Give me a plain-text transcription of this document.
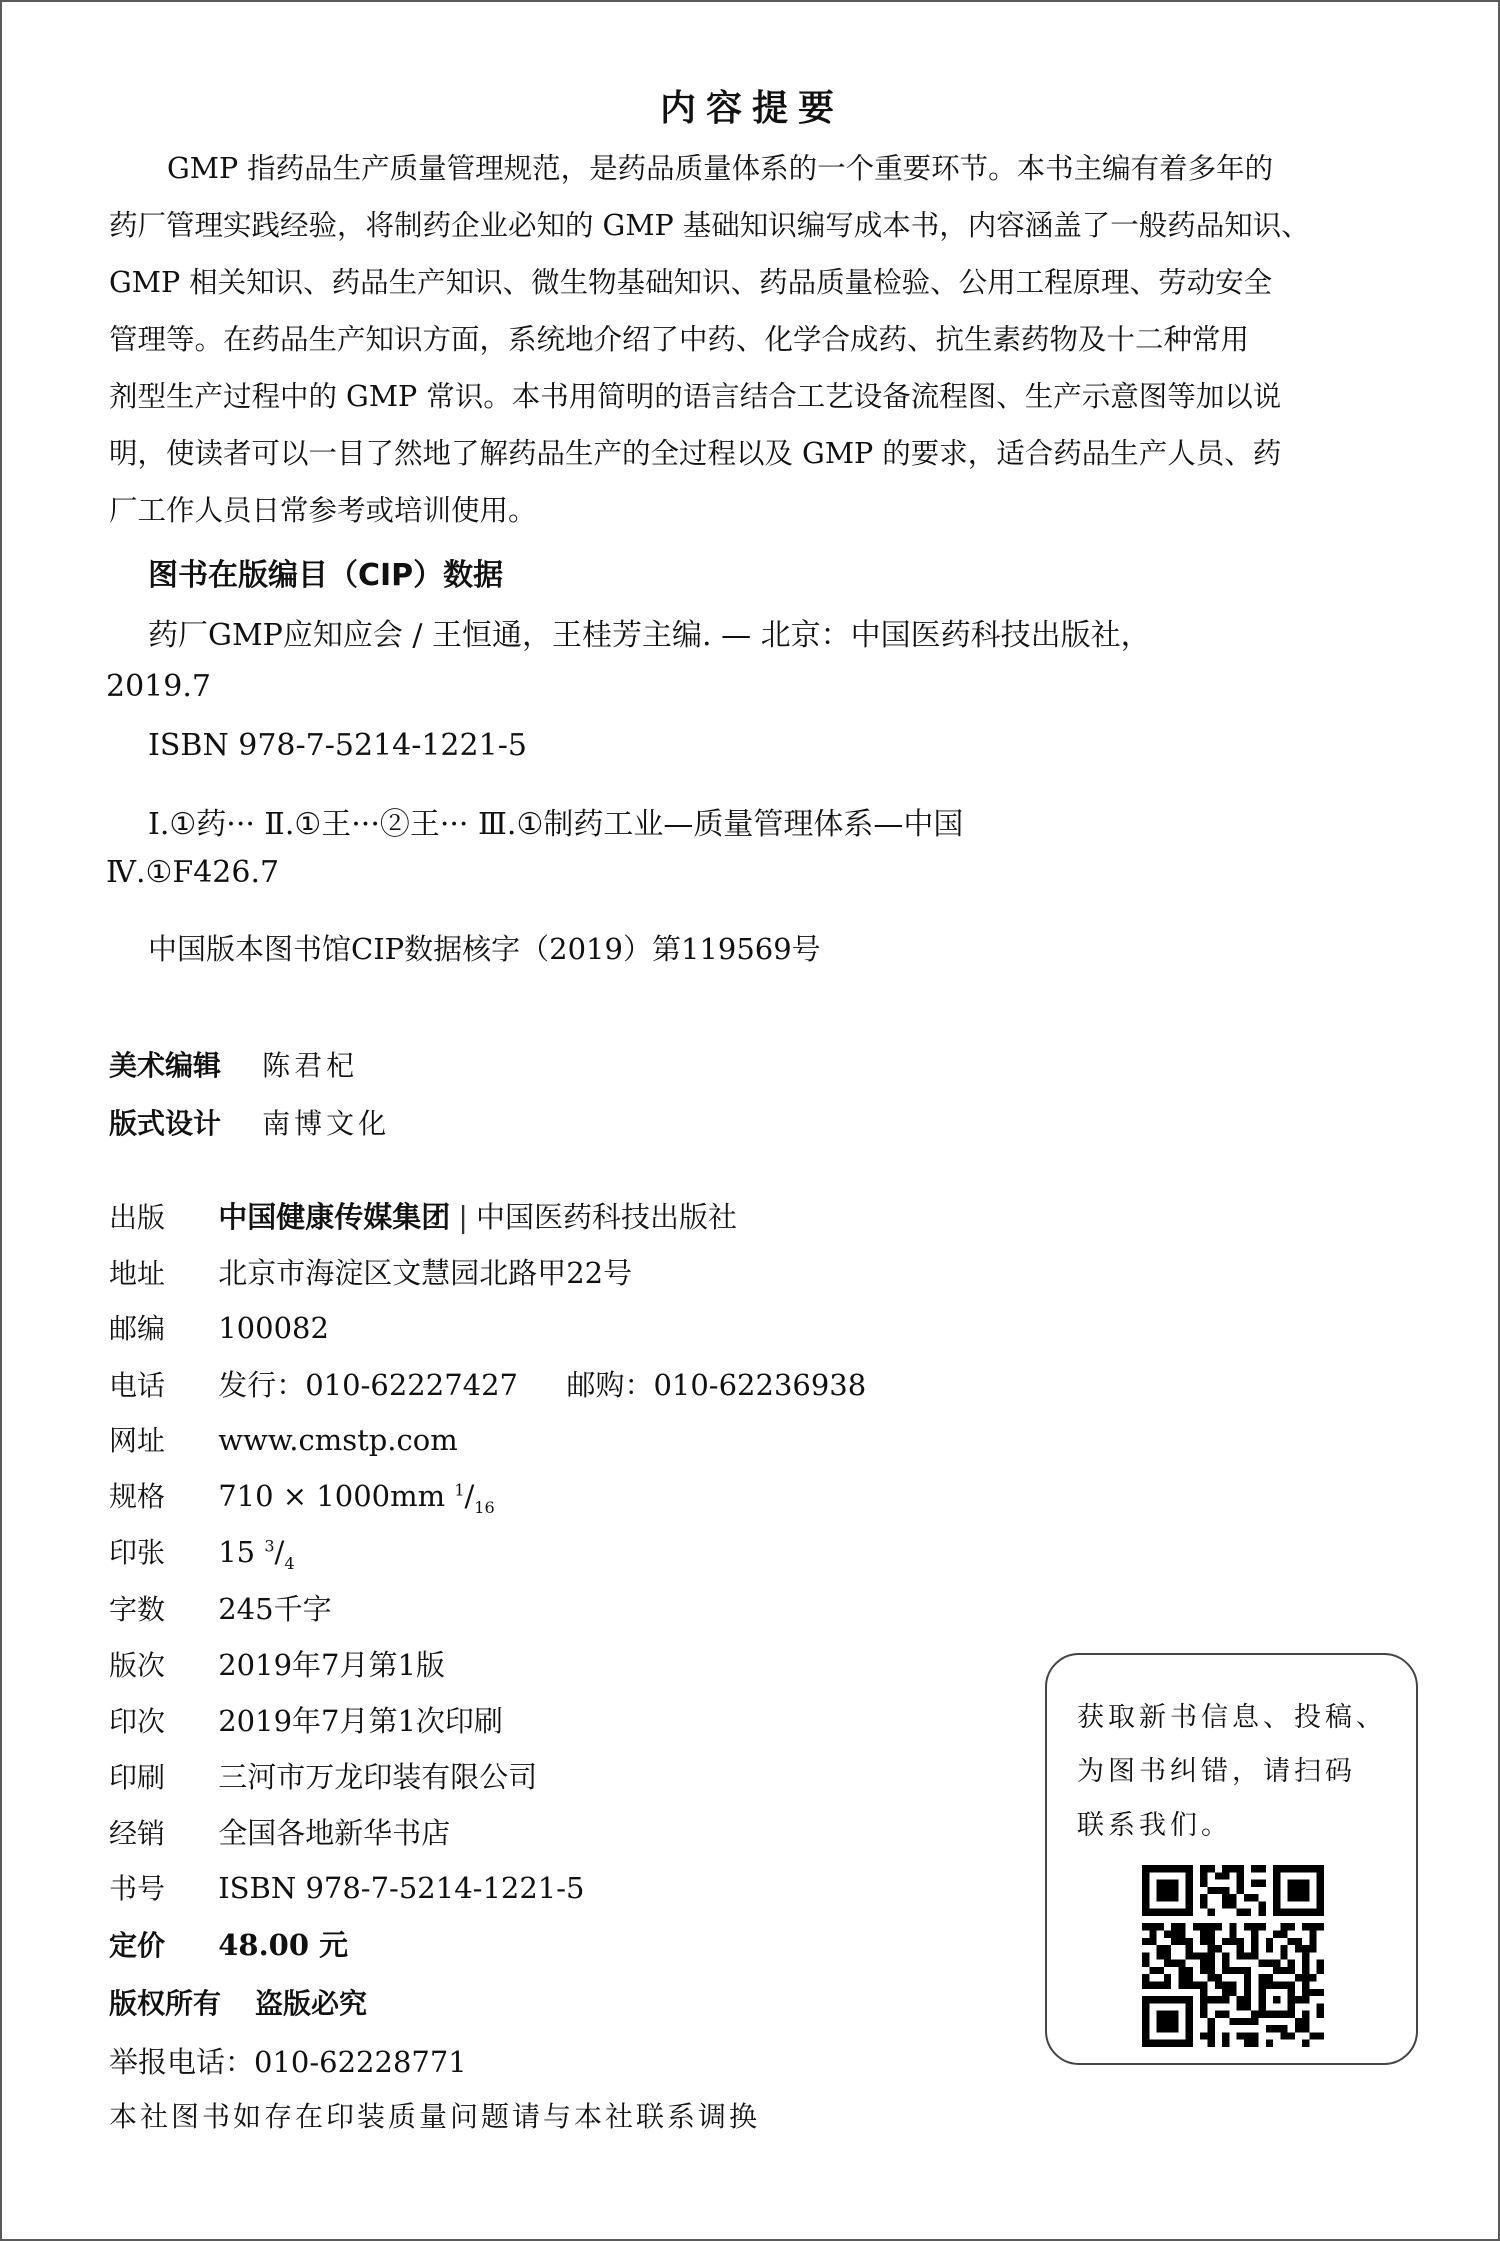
内容提要
GMP 指药品生产质量管理规范，是药品质量体系的一个重要环节。本书主编有着多年的
药厂管理实践经验，将制药企业必知的 GMP 基础知识编写成本书，内容涵盖了一般药品知识、
GMP 相关知识、药品生产知识、微生物基础知识、药品质量检验、公用工程原理、劳动安全
管理等。在药品生产知识方面，系统地介绍了中药、化学合成药、抗生素药物及十二种常用
剂型生产过程中的 GMP 常识。本书用简明的语言结合工艺设备流程图、生产示意图等加以说
明，使读者可以一目了然地了解药品生产的全过程以及 GMP 的要求，适合药品生产人员、药
厂工作人员日常参考或培训使用。
图书在版编目（CIP）数据
药厂GMP应知应会 / 王恒通，王桂芳主编. — 北京：中国医药科技出版社，
2019.7
ISBN 978-7-5214-1221-5
Ⅰ.①药··· Ⅱ.①王···②王··· Ⅲ.①制药工业—质量管理体系—中国
Ⅳ.①F426.7
中国版本图书馆CIP数据核字（2019）第119569号
美术编辑 陈君杞
版式设计 南博文化
出版 中国健康传媒集团 | 中国医药科技出版社
地址 北京市海淀区文慧园北路甲22号
邮编 100082
电话 发行：010-62227427 邮购：010-62236938
网址 www.cmstp.com
规格 710 × 1000mm $^1/_{16}$
印张 15 $^3/_4$
字数 245千字
版次 2019年7月第1版
印次 2019年7月第1次印刷
印刷 三河市万龙印装有限公司
经销 全国各地新华书店
书号 ISBN 978-7-5214-1221-5
定价 48.00 元
版权所有 盗版必究
举报电话：010-62228771
本社图书如存在印装质量问题请与本社联系调换
获取新书信息、投稿、
为图书纠错，请扫码
联系我们。
